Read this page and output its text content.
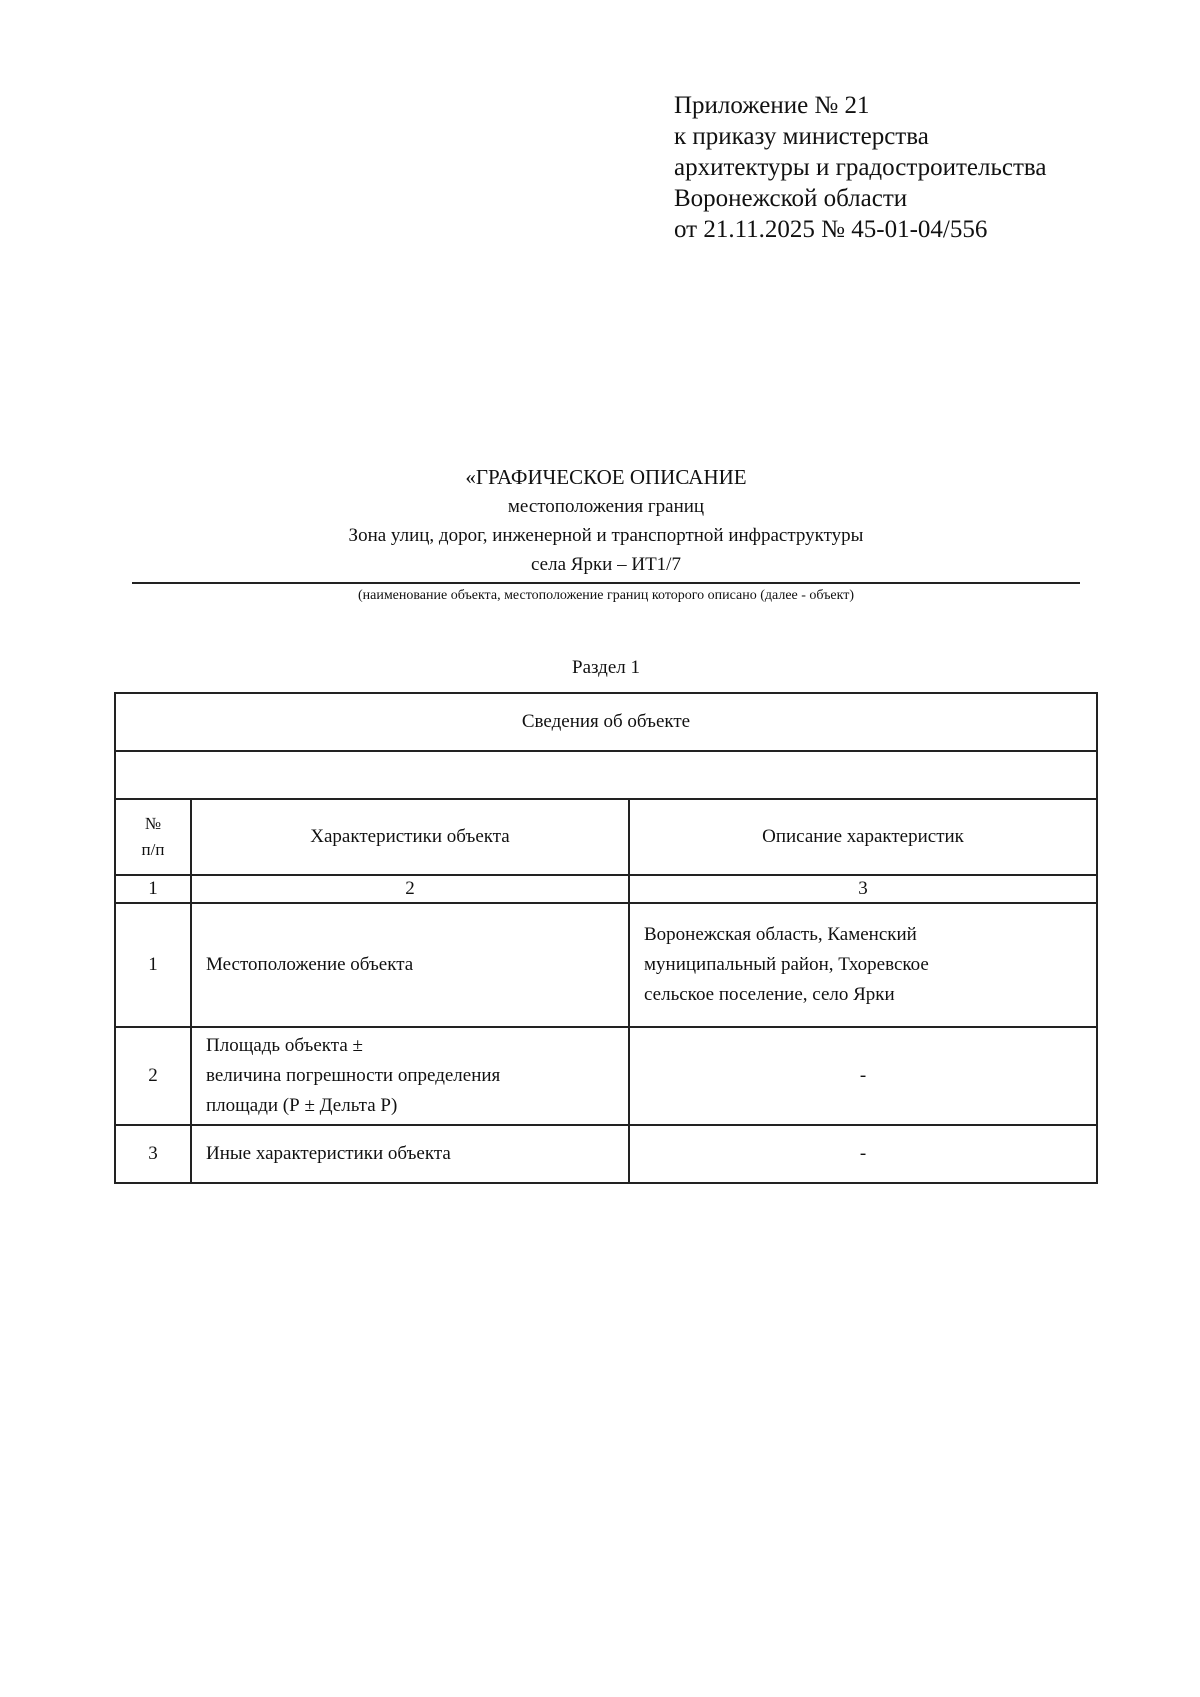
Приложение № 21
к приказу министерства
архитектуры и градостроительства
Воронежской области
от 21.11.2025 № 45-01-04/556
«ГРАФИЧЕСКОЕ ОПИСАНИЕ
местоположения границ
Зона улиц, дорог, инженерной и транспортной инфраструктуры
села Ярки – ИТ1/7
(наименование объекта, местоположение границ которого описано (далее - объект)
Раздел 1
Сведения об объекте		

№
п/п	Характеристики объекта	Описание характеристик
1	2	3
1	Местоположение объекта	Воронежская область, Каменский
муниципальный район, Тхоревское
сельское поселение, село Ярки

2	Площадь объекта ±
величина погрешности определения
площади (Р ± Дельта Р)	-
3	Иные характеристики объекта	-
